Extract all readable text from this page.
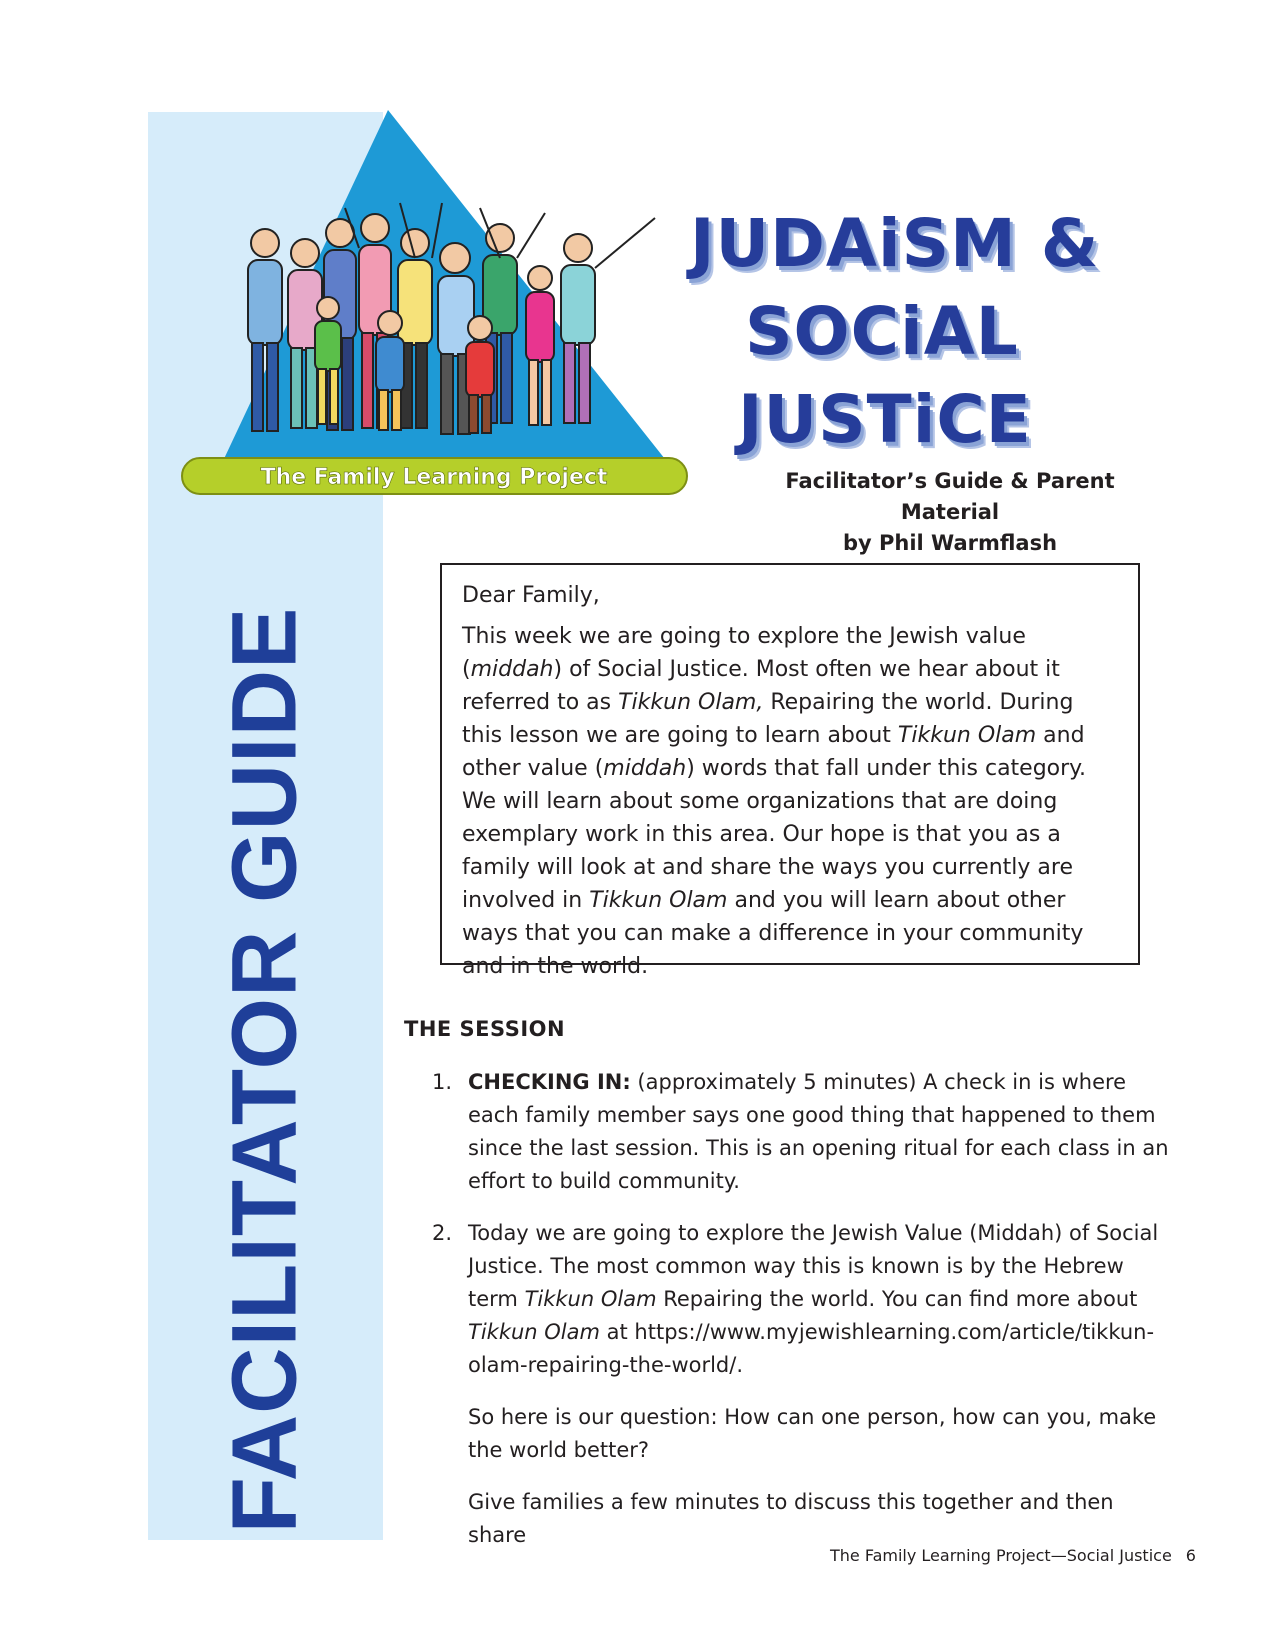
FACILITATOR GUIDE
The Family Learning Project
JUDAiSM &
SOCiAL
JUSTiCE
Facilitator’s Guide & Parent Material
by Phil Warmflash

Dear Family,

This week we are going to explore the Jewish value (middah) of Social Justice. Most often we hear about it referred to as Tikkun Olam, Repairing the world. During this lesson we are going to learn about Tikkun Olam and other value (middah) words that fall under this category. We will learn about some organizations that are doing exemplary work in this area. Our hope is that you as a family will look at and share the ways you currently are involved in Tikkun Olam and you will learn about other ways that you can make a difference in your community and in the world.

THE SESSION
1. CHECKING IN: (approximately 5 minutes) A check in is where each family member says one good thing that happened to them since the last session. This is an opening ritual for each class in an effort to build community.
2. Today we are going to explore the Jewish Value (Middah) of Social Justice. The most common way this is known is by the Hebrew term Tikkun Olam Repairing the world. You can find more about Tikkun Olam at https://www.myjewishlearning.com/article/tikkun-olam-repairing-the-world/.
So here is our question: How can one person, how can you, make the world better?
Give families a few minutes to discuss this together and then share
The Family Learning Project—Social Justice 6
